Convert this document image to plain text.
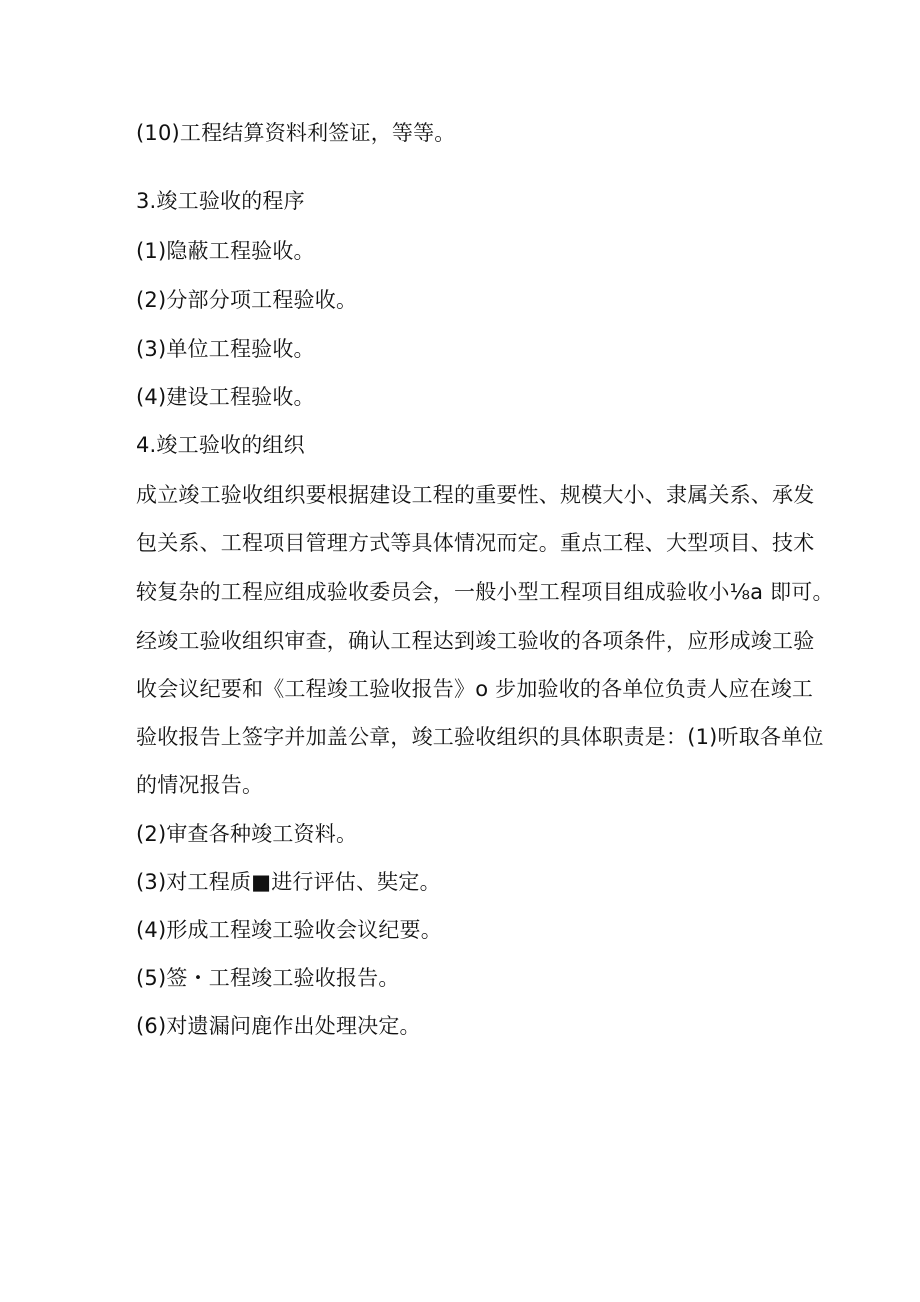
(10)工程结算资料利签证，等等。
3.竣工验收的程序
(1)隐蔽工程验收。
(2)分部分项工程验收。
(3)单位工程验收。
(4)建设工程验收。
4.竣工验收的组织
成立竣工验收组织要根据建设工程的重要性、规模大小、隶属关系、承发
包关系、工程项目管理方式等具体情况而定。重点工程、大型项目、技术
较复杂的工程应组成验收委员会，一般小型工程项目组成验收小⅛a 即可。
经竣工验收组织审查，确认工程达到竣工验收的各项条件，应形成竣工验
收会议纪要和《工程竣工验收报告》o 步加验收的各单位负责人应在竣工
验收报告上签字并加盖公章，竣工验收组织的具体职责是：(1)听取各单位
的情况报告。
(2)审查各种竣工资料。
(3)对工程质■进行评估、奘定。
(4)形成工程竣工验收会议纪要。
(5)签・工程竣工验收报告。
(6)对遗漏问鹿作出处理决定。
